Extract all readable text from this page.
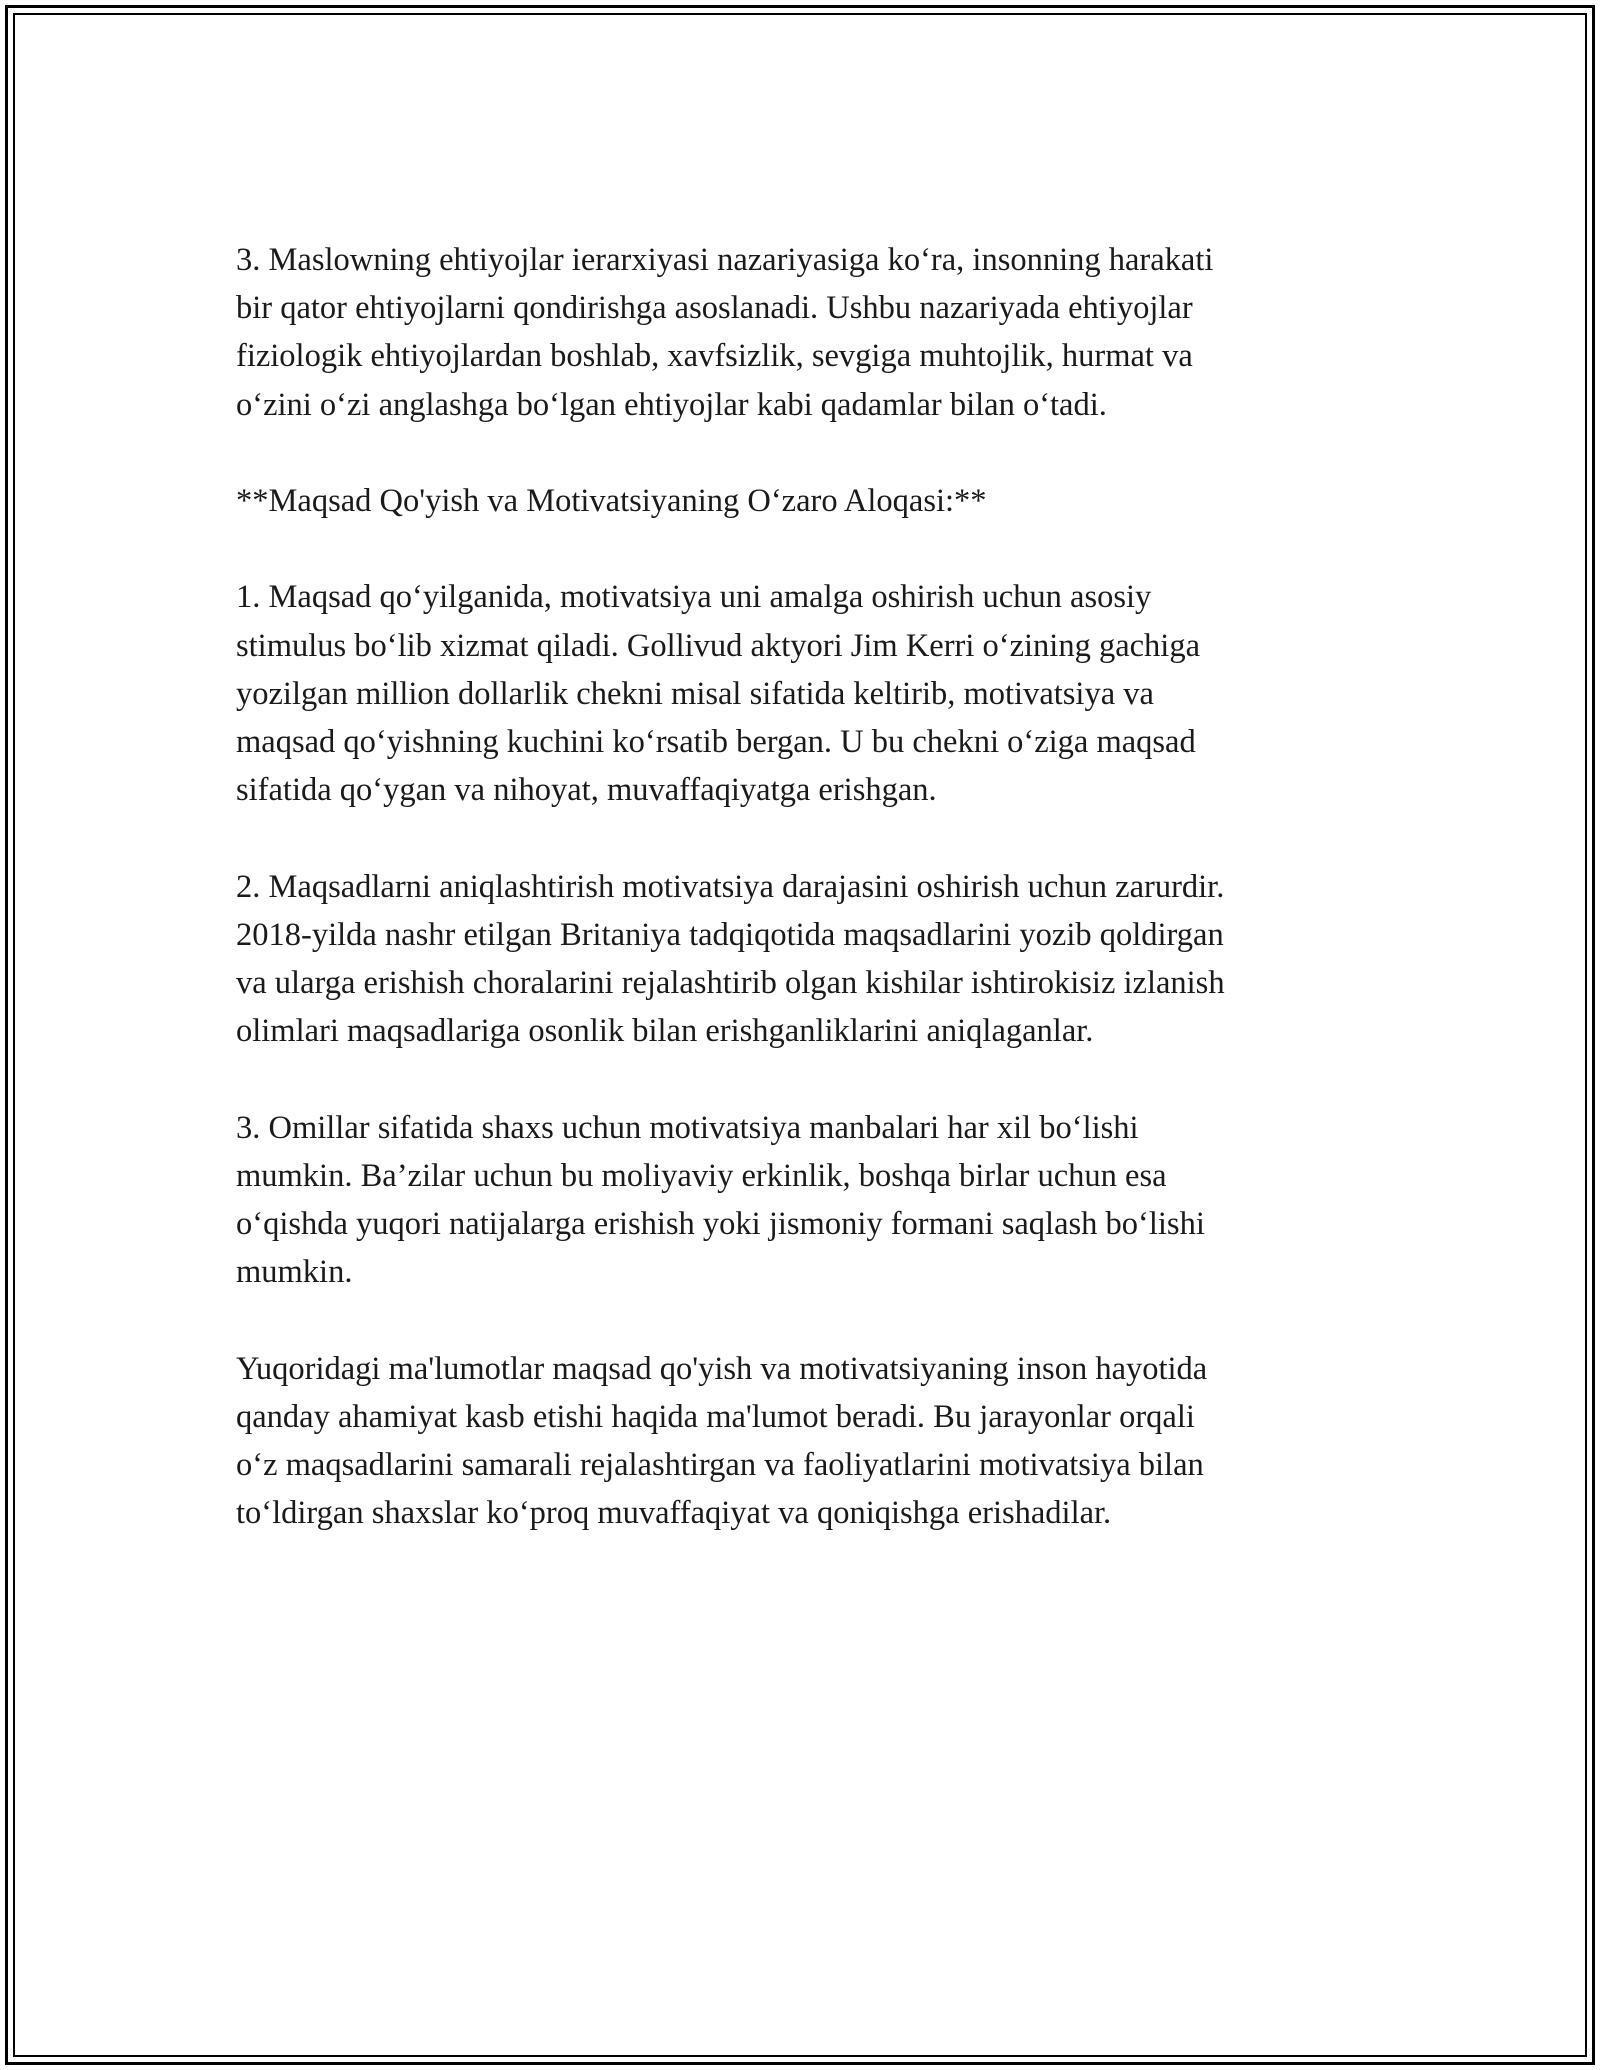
3. Maslowning ehtiyojlar ierarxiyasi nazariyasiga ko‘ra, insonning harakati
bir qator ehtiyojlarni qondirishga asoslanadi. Ushbu nazariyada ehtiyojlar
fiziologik ehtiyojlardan boshlab, xavfsizlik, sevgiga muhtojlik, hurmat va
o‘zini o‘zi anglashga bo‘lgan ehtiyojlar kabi qadamlar bilan o‘tadi.

**Maqsad Qo'yish va Motivatsiyaning O‘zaro Aloqasi:**

1. Maqsad qo‘yilganida, motivatsiya uni amalga oshirish uchun asosiy
stimulus bo‘lib xizmat qiladi. Gollivud aktyori Jim Kerri o‘zining gachiga
yozilgan million dollarlik chekni misal sifatida keltirib, motivatsiya va
maqsad qo‘yishning kuchini ko‘rsatib bergan. U bu chekni o‘ziga maqsad
sifatida qo‘ygan va nihoyat, muvaffaqiyatga erishgan.

2. Maqsadlarni aniqlashtirish motivatsiya darajasini oshirish uchun zarurdir.
2018-yilda nashr etilgan Britaniya tadqiqotida maqsadlarini yozib qoldirgan
va ularga erishish choralarini rejalashtirib olgan kishilar ishtirokisiz izlanish
olimlari maqsadlariga osonlik bilan erishganliklarini aniqlaganlar.

3. Omillar sifatida shaxs uchun motivatsiya manbalari har xil bo‘lishi
mumkin. Ba’zilar uchun bu moliyaviy erkinlik, boshqa birlar uchun esa
o‘qishda yuqori natijalarga erishish yoki jismoniy formani saqlash bo‘lishi
mumkin.

Yuqoridagi ma'lumotlar maqsad qo'yish va motivatsiyaning inson hayotida
qanday ahamiyat kasb etishi haqida ma'lumot beradi. Bu jarayonlar orqali
o‘z maqsadlarini samarali rejalashtirgan va faoliyatlarini motivatsiya bilan
to‘ldirgan shaxslar ko‘proq muvaffaqiyat va qoniqishga erishadilar.
